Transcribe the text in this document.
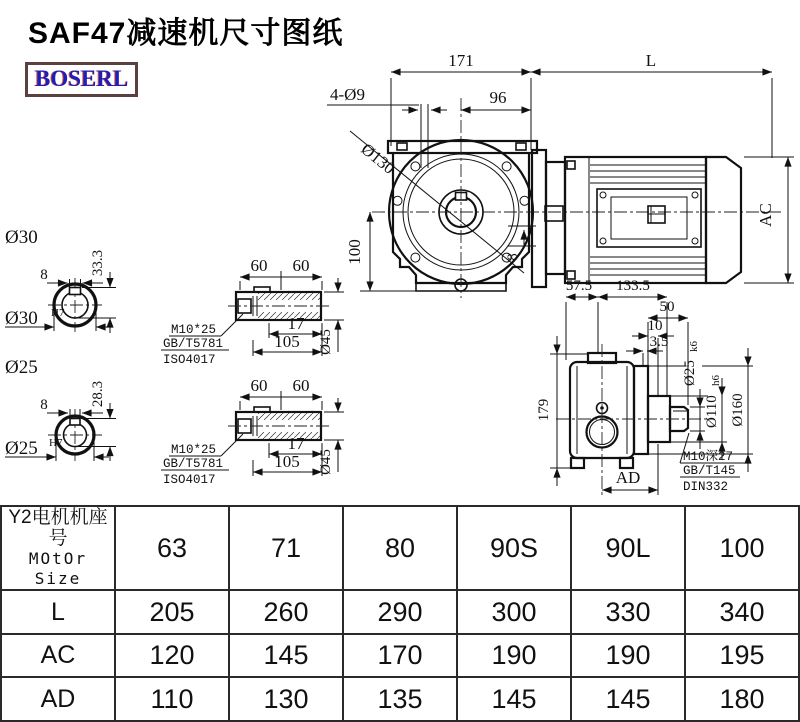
Ø130
4-Ø9
171	L
96
100	8
AC
Ø30
8	33.3
Ø30 H7
Ø25
8	28.3
Ø25 H7
60 60
17
105 Ø45
M10*25
GB/T5781
ISO4017
60 60
17
105 Ø45
M10*25
GB/T5781
ISO4017
57.5 133.5
50
10
3.5
Ø25
k6
Ø110
h6
Ø160
179
AD
M10深27
GB/T145
DIN332
SAF47减速机尺寸图纸
BOSERL
Y2电机机座号
MOtOr Size	63	71	80	90S	90L	100
L	205	260	290	300	330	340
AC	120	145	170	190	190	195
AD	110	130	135	145	145	180
